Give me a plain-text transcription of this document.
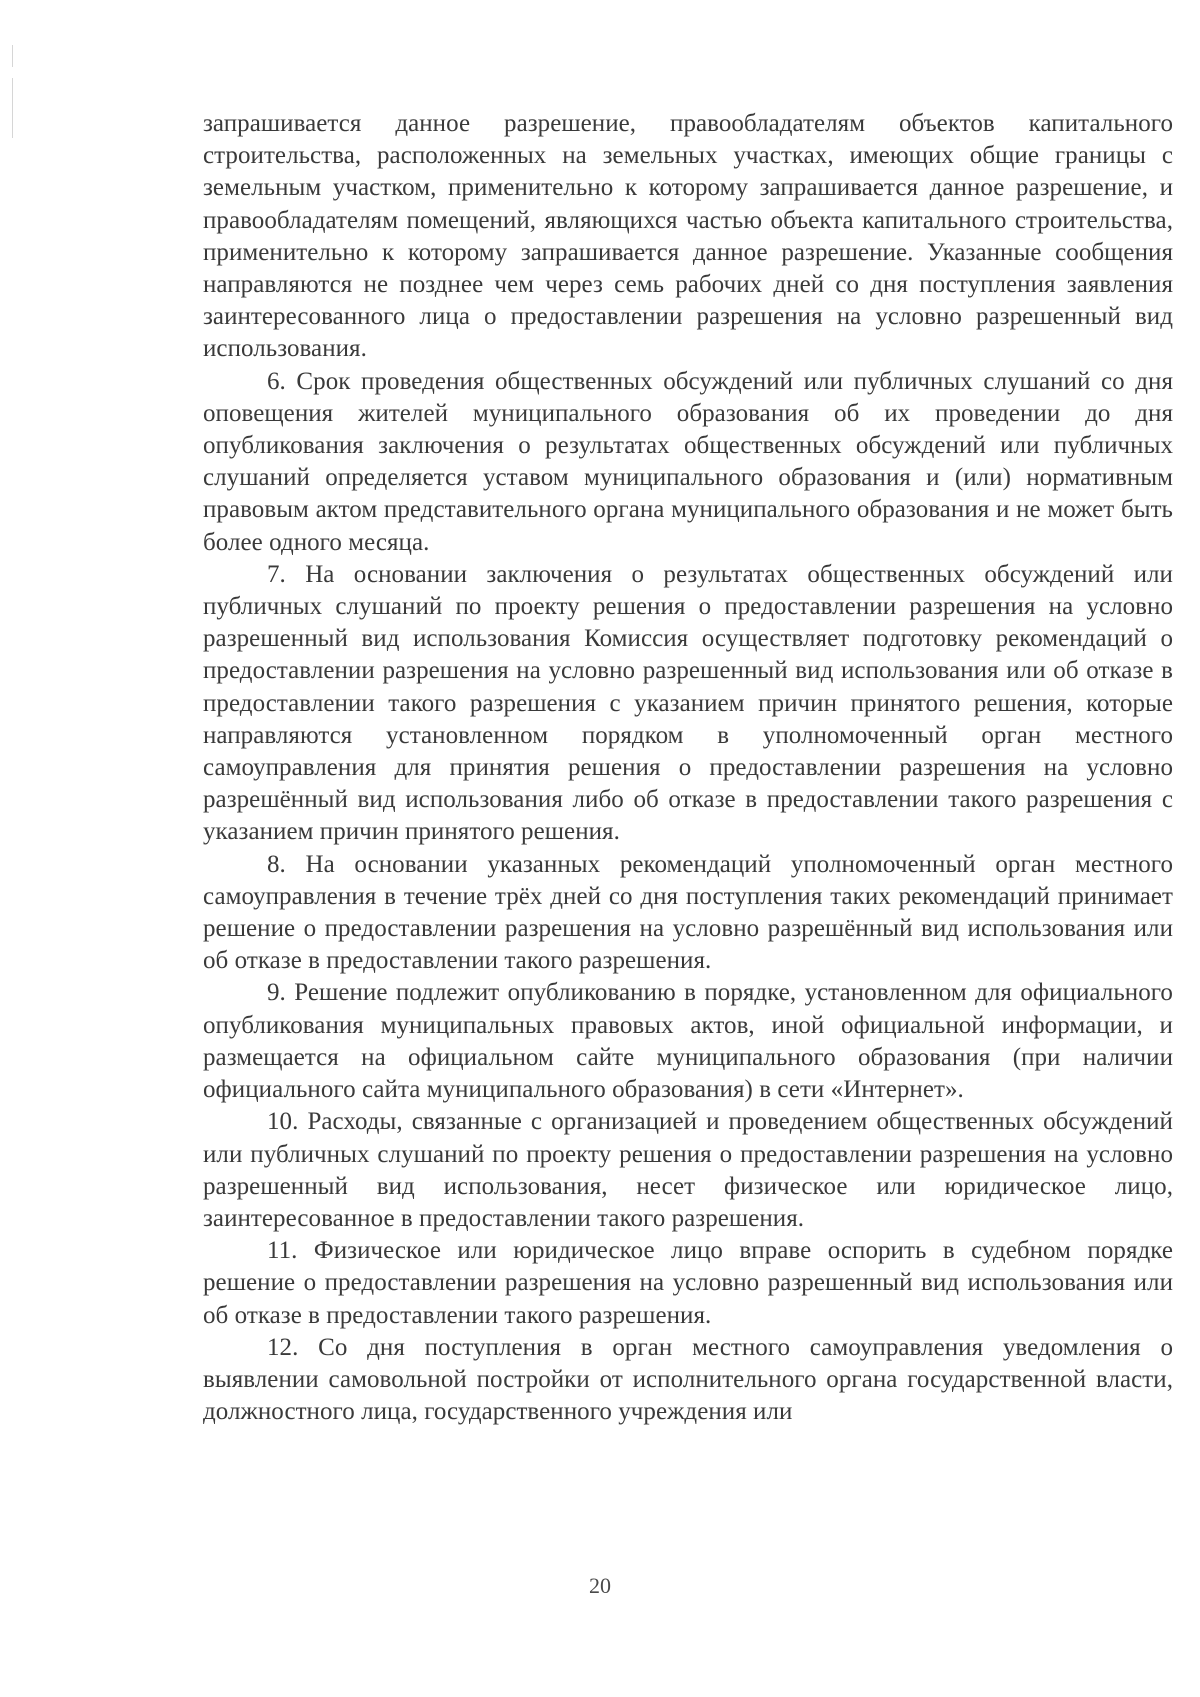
запрашивается данное разрешение, правообладателям объектов капитального строительства, расположенных на земельных участках, имеющих общие границы с земельным участком, применительно к которому запрашивается данное разрешение, и правообладателям помещений, являющихся частью объекта капитального строительства, применительно к которому запрашивается данное разрешение. Указанные сообщения направляются не позднее чем через семь рабочих дней со дня поступления заявления заинтересованного лица о предоставлении разрешения на условно разрешенный вид использования.

6. Срок проведения общественных обсуждений или публичных слушаний со дня оповещения жителей муниципального образования об их проведении до дня опубликования заключения о результатах общественных обсуждений или публичных слушаний определяется уставом муниципального образования и (или) нормативным правовым актом представительного органа муниципального образования и не может быть более одного месяца.

7. На основании заключения о результатах общественных обсуждений или публичных слушаний по проекту решения о предоставлении разрешения на условно разрешенный вид использования Комиссия осуществляет подготовку рекомендаций о предоставлении разрешения на условно разрешенный вид использования или об отказе в предоставлении такого разрешения с указанием причин принятого решения, которые направляются установленном порядком в уполномоченный орган местного самоуправления для принятия решения о предоставлении разрешения на условно разрешённый вид использования либо об отказе в предоставлении такого разрешения с указанием причин принятого решения.

8. На основании указанных рекомендаций уполномоченный орган местного самоуправления в течение трёх дней со дня поступления таких рекомендаций принимает решение о предоставлении разрешения на условно разрешённый вид использования или об отказе в предоставлении такого разрешения.

9. Решение подлежит опубликованию в порядке, установленном для официального опубликования муниципальных правовых актов, иной официальной информации, и размещается на официальном сайте муниципального образования (при наличии официального сайта муниципального образования) в сети «Интернет».

10. Расходы, связанные с организацией и проведением общественных обсуждений или публичных слушаний по проекту решения о предоставлении разрешения на условно разрешенный вид использования, несет физическое или юридическое лицо, заинтересованное в предоставлении такого разрешения.

11. Физическое или юридическое лицо вправе оспорить в судебном порядке решение о предоставлении разрешения на условно разрешенный вид использования или об отказе в предоставлении такого разрешения.

12. Со дня поступления в орган местного самоуправления уведомления о выявлении самовольной постройки от исполнительного органа государственной власти, должностного лица, государственного учреждения или

20
